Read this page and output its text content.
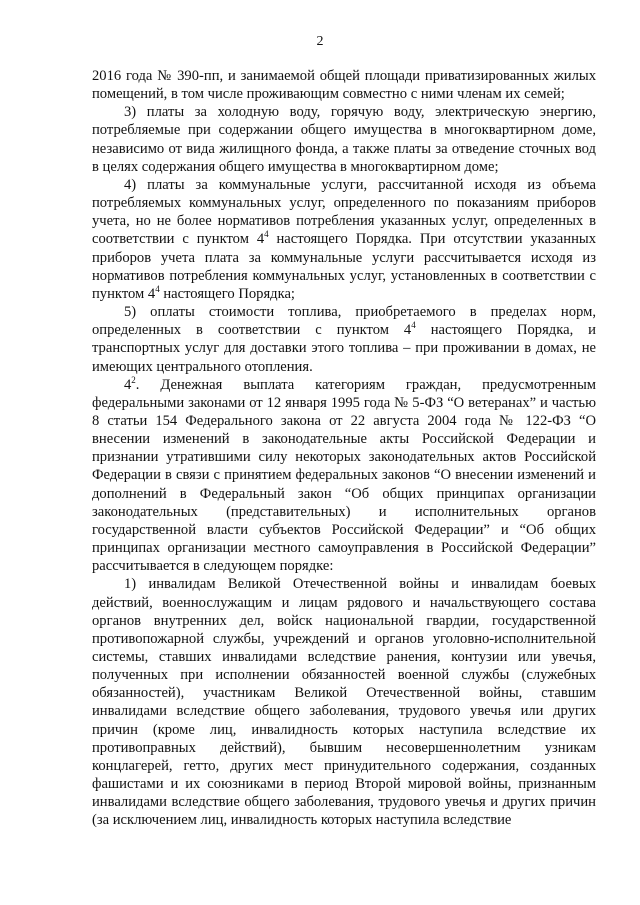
2

2016 года № 390-пп, и занимаемой общей площади приватизированных жилых помещений, в том числе проживающим совместно с ними членам их семей;

3) платы за холодную воду, горячую воду, электрическую энергию, потребляемые при содержании общего имущества в многоквартирном доме, независимо от вида жилищного фонда, а также платы за отведение сточных вод в целях содержания общего имущества в многоквартирном доме;

4) платы за коммунальные услуги, рассчитанной исходя из объема потребляемых коммунальных услуг, определенного по показаниям приборов учета, но не более нормативов потребления указанных услуг, определенных в соответствии с пунктом $4^4$ настоящего Порядка. При отсутствии указанных приборов учета плата за коммунальные услуги рассчитывается исходя из нормативов потребления коммунальных услуг, установленных в соответствии с пунктом $4^4$ настоящего Порядка;

5) оплаты стоимости топлива, приобретаемого в пределах норм, определенных в соответствии с пунктом $4^4$ настоящего Порядка, и транспортных услуг для доставки этого топлива – при проживании в домах, не имеющих центрального отопления.

$4^2$. Денежная выплата категориям граждан, предусмотренным федеральными законами от 12 января 1995 года № 5-ФЗ “О ветеранах” и частью 8 статьи 154 Федерального закона от 22 августа 2004 года № 122-ФЗ “О внесении изменений в законодательные акты Российской Федерации и признании утратившими силу некоторых законодательных актов Российской Федерации в связи с принятием федеральных законов “О внесении изменений и дополнений в Федеральный закон “Об общих принципах организации законодательных (представительных) и исполнительных органов государственной власти субъектов Российской Федерации” и “Об общих принципах организации местного самоуправления в Российской Федерации” рассчитывается в следующем порядке:

1) инвалидам Великой Отечественной войны и инвалидам боевых действий, военнослужащим и лицам рядового и начальствующего состава органов внутренних дел, войск национальной гвардии, государственной противопожарной службы, учреждений и органов уголовно-исполнительной системы, ставших инвалидами вследствие ранения, контузии или увечья, полученных при исполнении обязанностей военной службы (служебных обязанностей), участникам Великой Отечественной войны, ставшим инвалидами вследствие общего заболевания, трудового увечья или других причин (кроме лиц, инвалидность которых наступила вследствие их противоправных действий), бывшим несовершеннолетним узникам концлагерей, гетто, других мест принудительного содержания, созданных фашистами и их союзниками в период Второй мировой войны, признанным инвалидами вследствие общего заболевания, трудового увечья и других причин (за исключением лиц, инвалидность которых наступила вследствие
